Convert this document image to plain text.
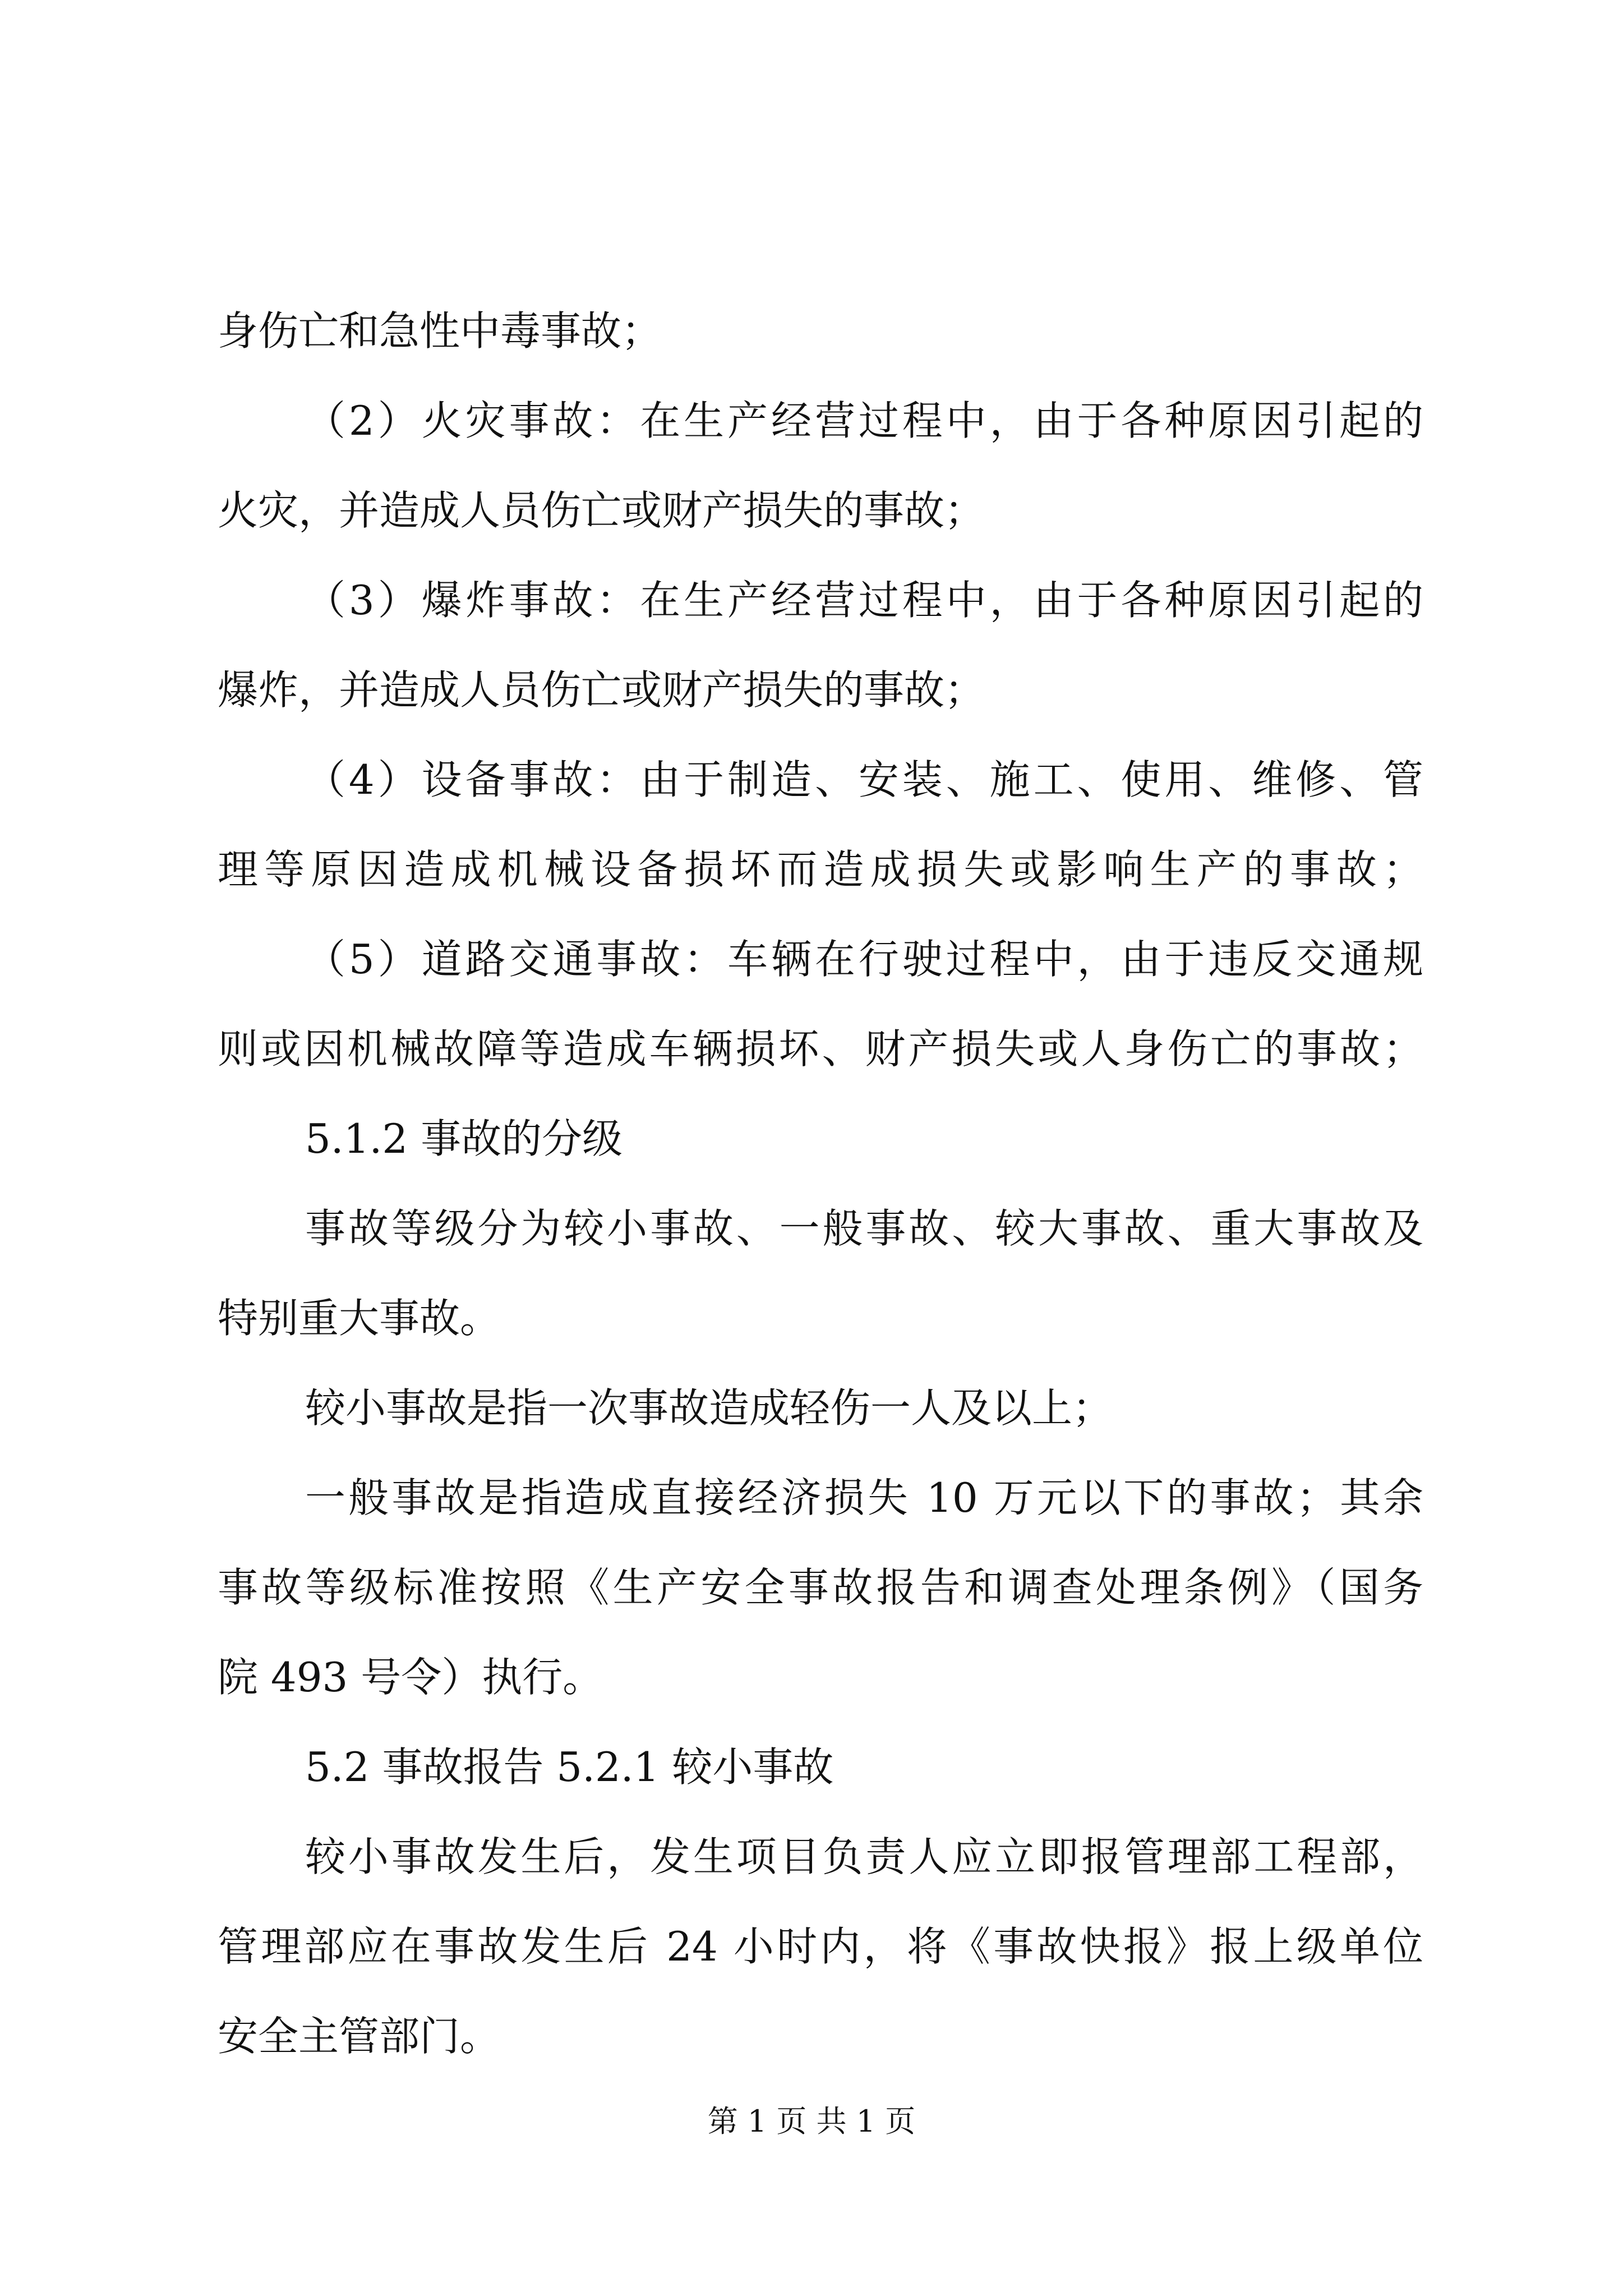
身伤亡和急性中毒事故；
（2）火灾事故：在生产经营过程中，由于各种原因引起的
火灾，并造成人员伤亡或财产损失的事故；
（3）爆炸事故：在生产经营过程中，由于各种原因引起的
爆炸，并造成人员伤亡或财产损失的事故；
（4）设备事故：由于制造、安装、施工、使用、维修、管
理等原因造成机械设备损坏而造成损失或影响生产的事故；
（5）道路交通事故：车辆在行驶过程中，由于违反交通规
则或因机械故障等造成车辆损坏、财产损失或人身伤亡的事故；
5.1.2 事故的分级
事故等级分为较小事故、一般事故、较大事故、重大事故及
特别重大事故。
较小事故是指一次事故造成轻伤一人及以上；
一般事故是指造成直接经济损失 10 万元以下的事故；其余
事故等级标准按照《生产安全事故报告和调查处理条例》（国务
院 493 号令）执行。
5.2 事故报告 5.2.1 较小事故
较小事故发生后，发生项目负责人应立即报管理部工程部，
管理部应在事故发生后 24 小时内，将《事故快报》报上级单位
安全主管部门。
第 1 页 共 1 页
